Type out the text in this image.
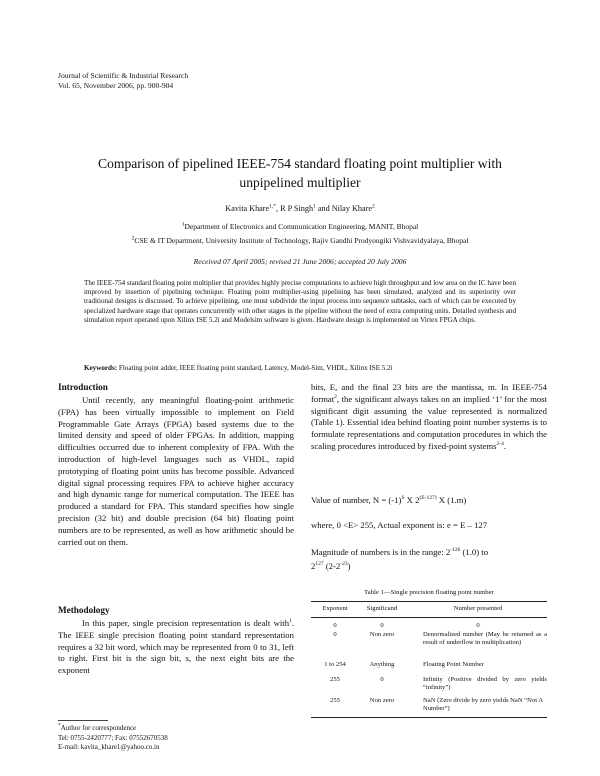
Journal of Scientific & Industrial Research
Vol. 65, November 2006, pp. 900-904
Comparison of pipelined IEEE-754 standard floating point multiplier with
unpipelined multiplier
Kavita Khare$^{1,*}$, R P Singh$^1$ and Nilay Khare$^2$
$^1$Department of Electronics and Communication Engineering, MANIT, Bhopal
$^2$CSE & IT Department, University Institute of Technology, Rajiv Gandhi Prodyougiki Vishvavidyalaya, Bhopal
Received 07 April 2005; revised 21 June 2006; accepted 20 July 2006
The IEEE-754 standard floating point multiplier that provides highly precise computations to achieve high throughput and low area on the IC have been improved by insertion of pipelining technique. Floating point multiplier-using pipelining has been simulated, analyzed and its superiority over traditional designs is discussed. To achieve pipelining, one must subdivide the input process into sequence subtasks, each of which can be executed by specialized hardware stage that operates concurrently with other stages in the pipeline without the need of extra computing units. Detailed synthesis and simulation report operated upon Xilinx ISE 5.2i and Modelsim software is given. Hardware design is implemented on Virtex FPGA chips.
Keywords: Floating point adder, IEEE floating point standard, Latency, Model-Sim, VHDL, Xilinx ISE 5.2i
Introduction
Until recently, any meaningful floating-point arithmetic (FPA) has been virtually impossible to implement on Field Programmable Gate Arrays (FPGA) based systems due to the limited density and speed of older FPGAs. In addition, mapping difficulties occurred due to inherent complexity of FPA. With the introduction of high-level languages such as VHDL, rapid prototyping of floating point units has become possible. Advanced digital signal processing requires FPA to achieve higher accuracy and high dynamic range for numerical computation. The IEEE has produced a standard for FPA. This standard specifies how single precision (32 bit) and double precision (64 bit) floating point numbers are to be represented, as well as how arithmetic should be carried out on them.
Methodology
In this paper, single precision representation is dealt with$^1$. The IEEE single precision floating point standard representation requires a 32 bit word, which may be represented from 0 to 31, left to right. First bit is the sign bit, s, the next eight bits are the exponent
*Author for correspondence
Tel: 0755-2420777; Fax: 07552670538
E-mail: kavita_khare1@yahoo.co.in
bits, E, and the final 23 bits are the mantissa, m. In IEEE-754 format$^2$, the significant always takes on an implied ‘1’ for the most significant digit assuming the value represented is normalized (Table 1). Essential idea behind floating point number systems is to formulate representations and computation procedures in which the scaling procedures introduced by fixed-point systems$^{2-4}$.
Value of number, $N = (-1)^S$ X $2^{(E-127)}$ X (1.m)
where, 0 <E> 255, Actual exponent is: e = E – 127
Magnitude of numbers is in the range: $2^{-126}$ (1.0) to
$2^{127}$ $(2-2^{-23})$
Table 1—Single precision floating point number
Exponent	Significand	Number presented
0	0	0
0	Non zero	Denormalized number (May be returned as a result of underflow in multiplication)
1 to 254	Anything	Floating Point Number
255	0	Infinity (Positive divided by zero yields “infinity”)
255	Non zero	NaN (Zero divide by zero yields NaN “Not A Number”)
